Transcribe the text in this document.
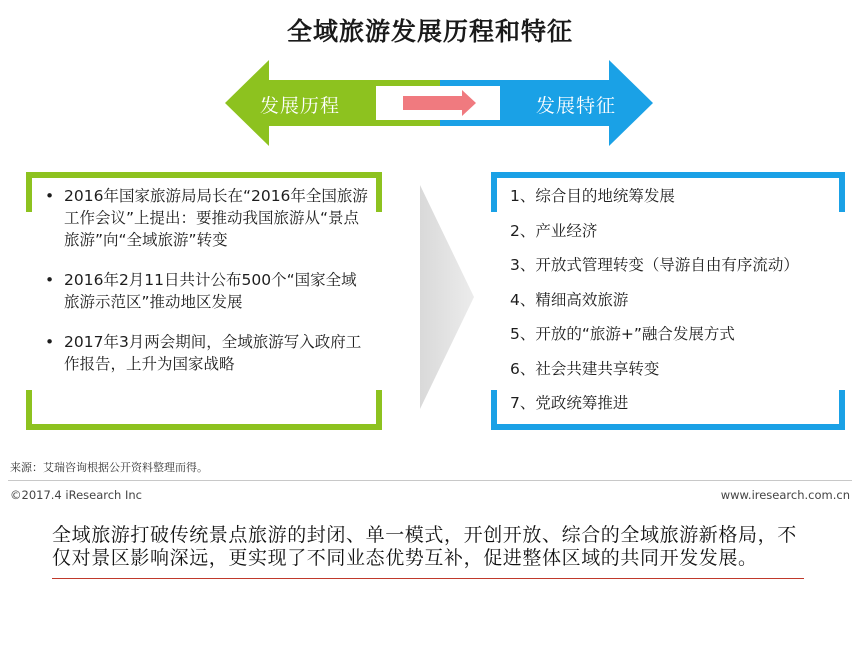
全域旅游发展历程和特征
发展历程	发展特征
• 2016年国家旅游局局长在“2016年全国旅游工作会议”上提出：要推动我国旅游从“景点旅游”向“全域旅游”转变
• 2016年2月11日共计公布500个“国家全域旅游示范区”推动地区发展
• 2017年3月两会期间，全域旅游写入政府工作报告，上升为国家战略
1、综合目的地统筹发展
2、产业经济
3、开放式管理转变（导游自由有序流动）
4、精细高效旅游
5、开放的“旅游+”融合发展方式
6、社会共建共享转变
7、党政统筹推进
来源：艾瑞咨询根据公开资料整理而得。
©2017.4 iResearch Inc	www.iresearch.com.cn
全域旅游打破传统景点旅游的封闭、单一模式，开创开放、综合的全域旅游新格局，不仅对景区影响深远，更实现了不同业态优势互补，促进整体区域的共同开发发展。
